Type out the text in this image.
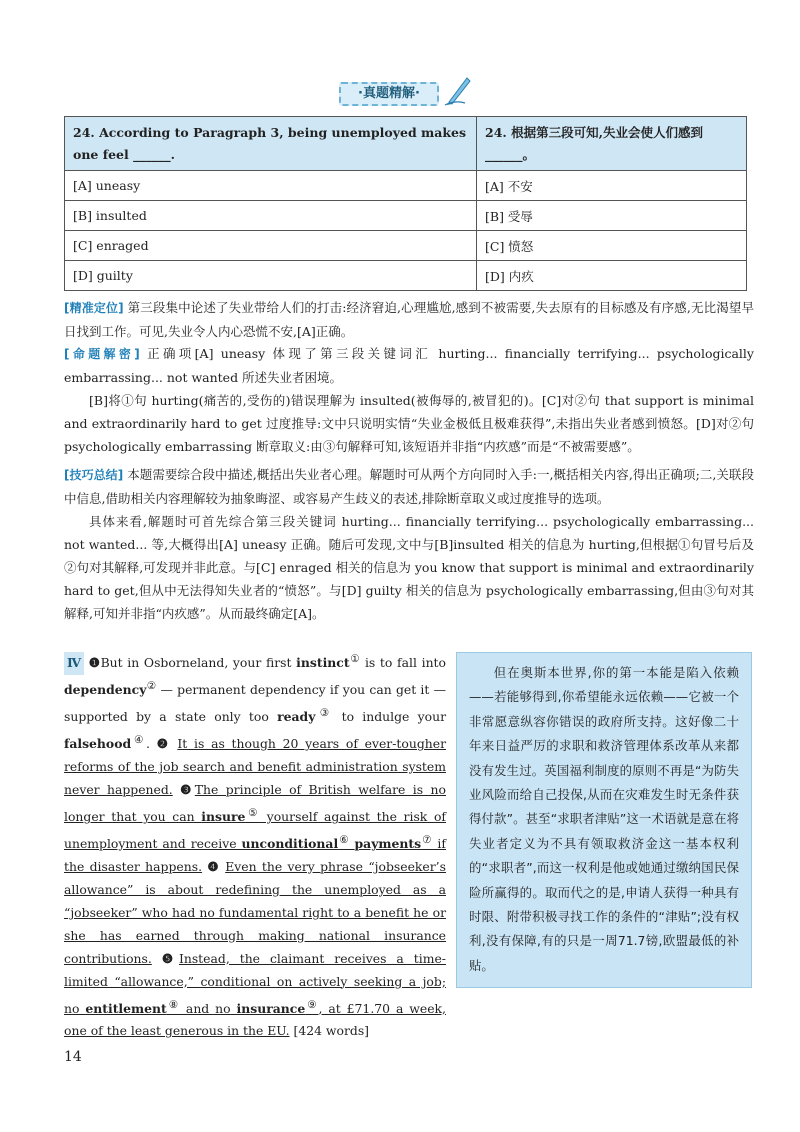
·真题精解·
24. According to Paragraph 3, being unemployed makes one feel ______.	24. 根据第三段可知,失业会使人们感到______。
[A] uneasy	[A] 不安
[B] insulted	[B] 受辱
[C] enraged	[C] 愤怒
[D] guilty	[D] 内疚
[精准定位] 第三段集中论述了失业带给人们的打击:经济窘迫,心理尴尬,感到不被需要,失去原有的目标感及有序感,无比渴望早日找到工作。可见,失业令人内心恐慌不安,[A]正确。
[命题解密] 正确项[A] uneasy 体现了第三段关键词汇 hurting... financially terrifying... psychologically embarrassing... not wanted 所述失业者困境。
[B]将①句 hurting(痛苦的,受伤的)错误理解为 insulted(被侮辱的,被冒犯的)。[C]对②句 that support is minimal and extraordinarily hard to get 过度推导:文中只说明实情“失业金极低且极难获得”,未指出失业者感到愤怒。[D]对②句 psychologically embarrassing 断章取义:由③句解释可知,该短语并非指“内疚感”而是“不被需要感”。
[技巧总结] 本题需要综合段中描述,概括出失业者心理。解题时可从两个方向同时入手:一,概括相关内容,得出正确项;二,关联段中信息,借助相关内容理解较为抽象晦涩、或容易产生歧义的表述,排除断章取义或过度推导的选项。
具体来看,解题时可首先综合第三段关键词 hurting... financially terrifying... psychologically embarrassing... not wanted... 等,大概得出[A] uneasy 正确。随后可发现,文中与[B]insulted 相关的信息为 hurting,但根据①句冒号后及②句对其解释,可发现并非此意。与[C] enraged 相关的信息为 you know that support is minimal and extraordinarily hard to get,但从中无法得知失业者的“愤怒”。与[D] guilty 相关的信息为 psychologically embarrassing,但由③句对其解释,可知并非指“内疚感”。从而最终确定[A]。
Ⅳ ❶But in Osborneland, your first instinct① is to fall into dependency② — permanent dependency if you can get it — supported by a state only too ready③ to indulge your falsehood④. ❷ It is as though 20 years of ever-tougher reforms of the job search and benefit administration system never happened. ❸The principle of British welfare is no longer that you can insure⑤ yourself against the risk of unemployment and receive unconditional⑥ payments⑦ if the disaster happens. ❹ Even the very phrase “jobseeker’s allowance” is about redefining the unemployed as a “jobseeker” who had no fundamental right to a benefit he or she has earned through making national insurance contributions. ❺Instead, the claimant receives a time-limited “allowance,” conditional on actively seeking a job; no entitlement⑧ and no insurance⑨, at £71.70 a week, one of the least generous in the EU. [424 words]
但在奥斯本世界,你的第一本能是陷入依赖——若能够得到,你希望能永远依赖——它被一个非常愿意纵容你错误的政府所支持。这好像二十年来日益严厉的求职和救济管理体系改革从来都没有发生过。英国福利制度的原则不再是“为防失业风险而给自己投保,从而在灾难发生时无条件获得付款”。甚至“求职者津贴”这一术语就是意在将失业者定义为不具有领取救济金这一基本权利的“求职者”,而这一权利是他或她通过缴纳国民保险所赢得的。取而代之的是,申请人获得一种具有时限、附带积极寻找工作的条件的“津贴”;没有权利,没有保障,有的只是一周71.7镑,欧盟最低的补贴。
14
